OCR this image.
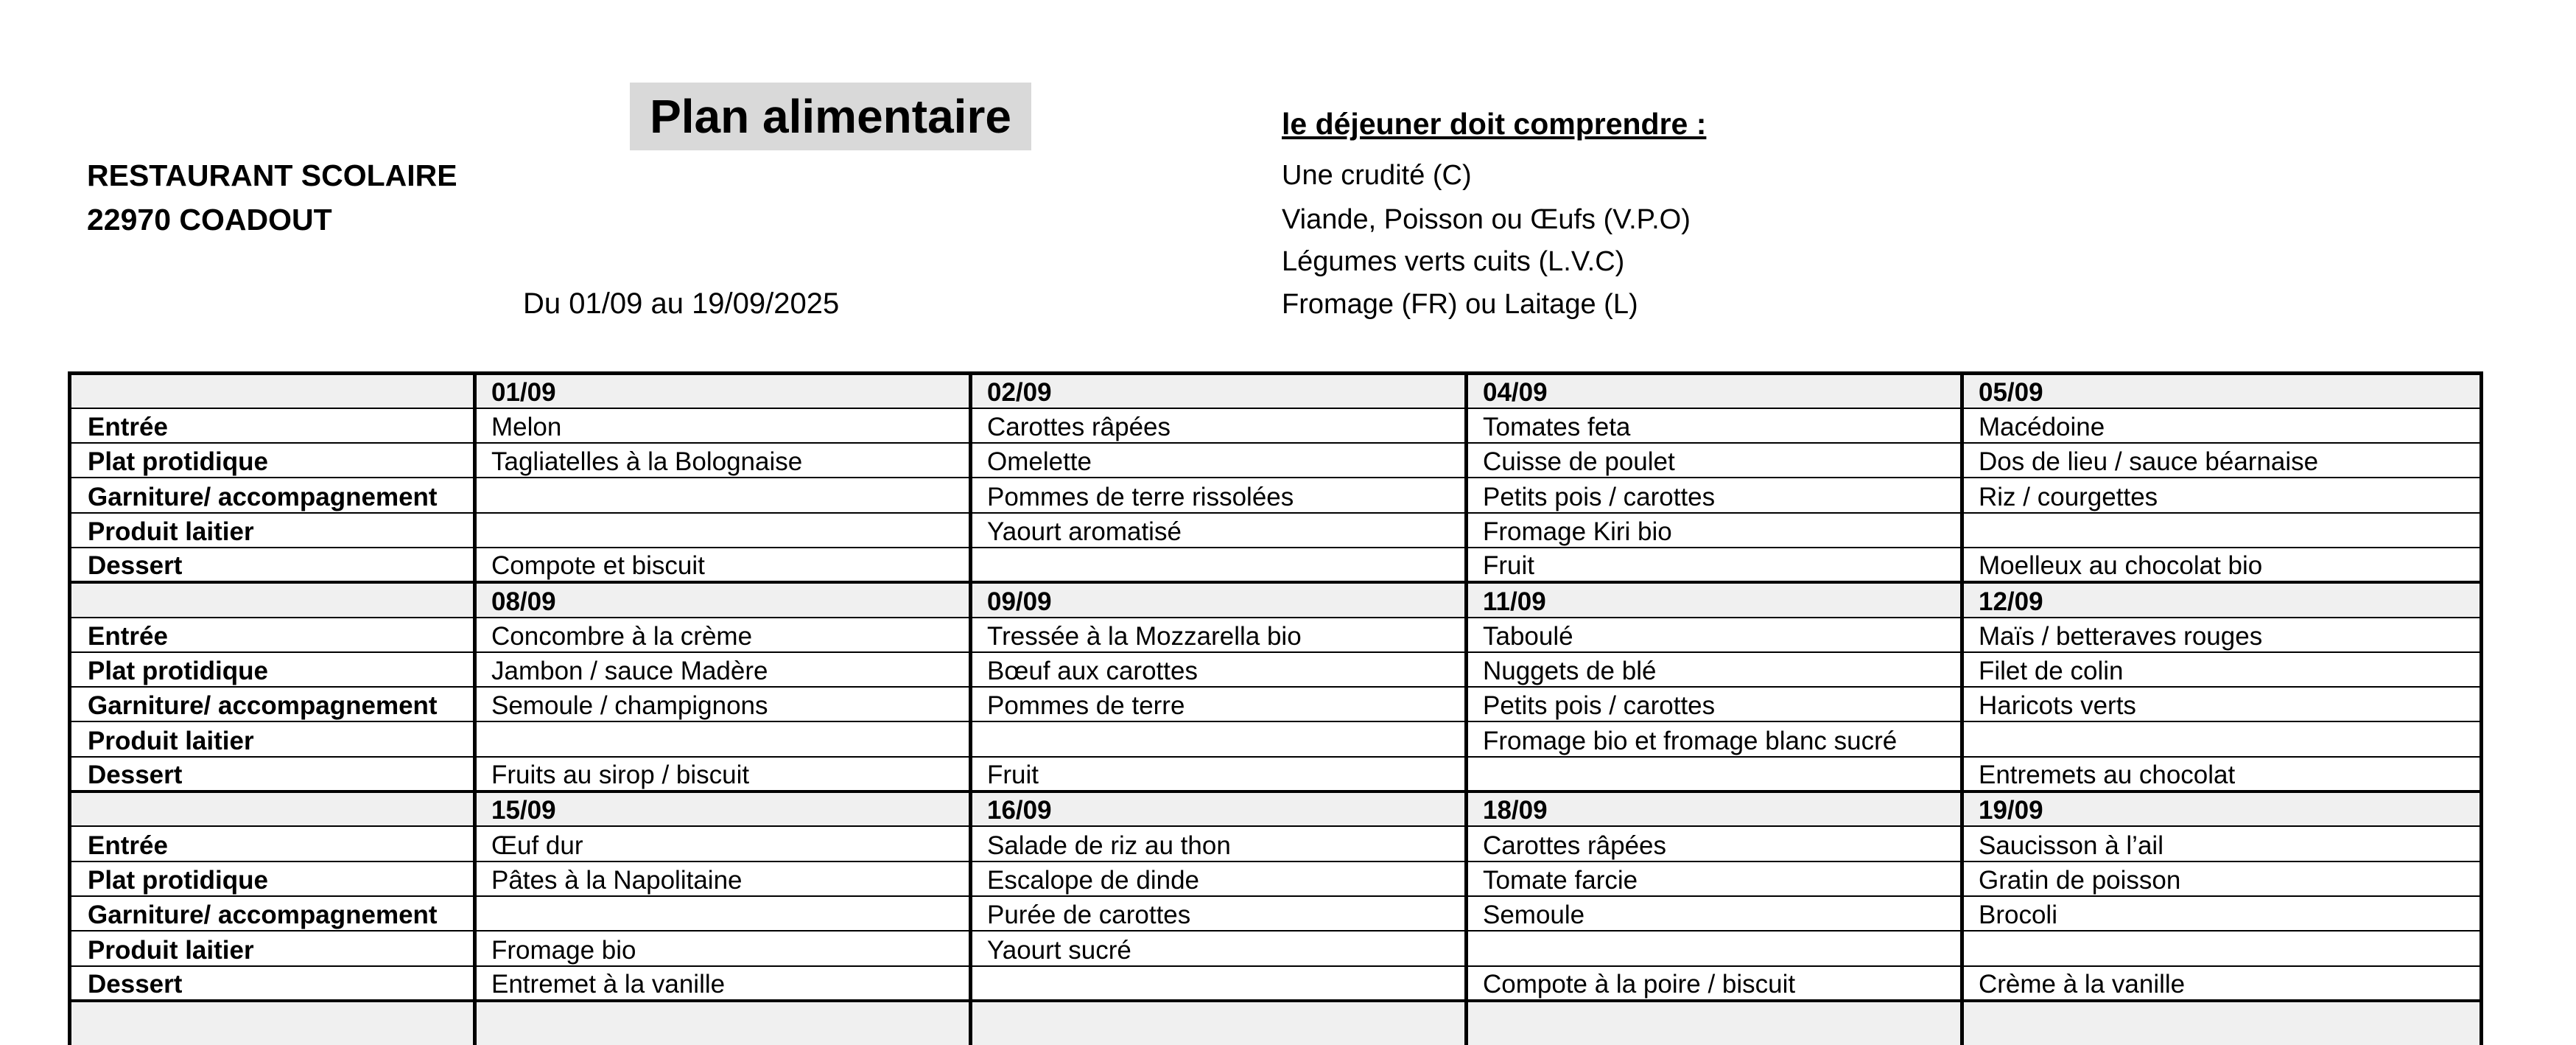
Plan alimentaire
RESTAURANT SCOLAIRE
22970 COADOUT
Du 01/09 au 19/09/2025
le déjeuner doit comprendre :
Une crudité (C)
Viande, Poisson ou Œufs (V.P.O)
Légumes verts cuits (L.V.C)
Fromage (FR) ou Laitage (L)
	01/09	02/09	04/09	05/09
Entrée	Melon	Carottes râpées	Tomates feta	Macédoine
Plat protidique	Tagliatelles à la Bolognaise	Omelette	Cuisse de poulet	Dos de lieu / sauce béarnaise
Garniture/ accompagnement		Pommes de terre rissolées	Petits pois / carottes	Riz / courgettes
Produit laitier		Yaourt aromatisé	Fromage Kiri bio	
Dessert	Compote et biscuit		Fruit	Moelleux au chocolat bio
	08/09	09/09	11/09	12/09
Entrée	Concombre à la crème	Tressée à la Mozzarella bio	Taboulé	Maïs / betteraves rouges
Plat protidique	Jambon / sauce Madère	Bœuf aux carottes	Nuggets de blé	Filet de colin
Garniture/ accompagnement	Semoule / champignons	Pommes de terre	Petits pois / carottes	Haricots verts
Produit laitier			Fromage bio et fromage blanc sucré	
Dessert	Fruits au sirop / biscuit	Fruit		Entremets au chocolat
	15/09	16/09	18/09	19/09
Entrée	Œuf dur	Salade de riz au thon	Carottes râpées	Saucisson à l’ail
Plat protidique	Pâtes à la Napolitaine	Escalope de dinde	Tomate farcie	Gratin de poisson
Garniture/ accompagnement		Purée de carottes	Semoule	Brocoli
Produit laitier	Fromage bio	Yaourt sucré		
Dessert	Entremet à la vanille		Compote à la poire / biscuit	Crème à la vanille
